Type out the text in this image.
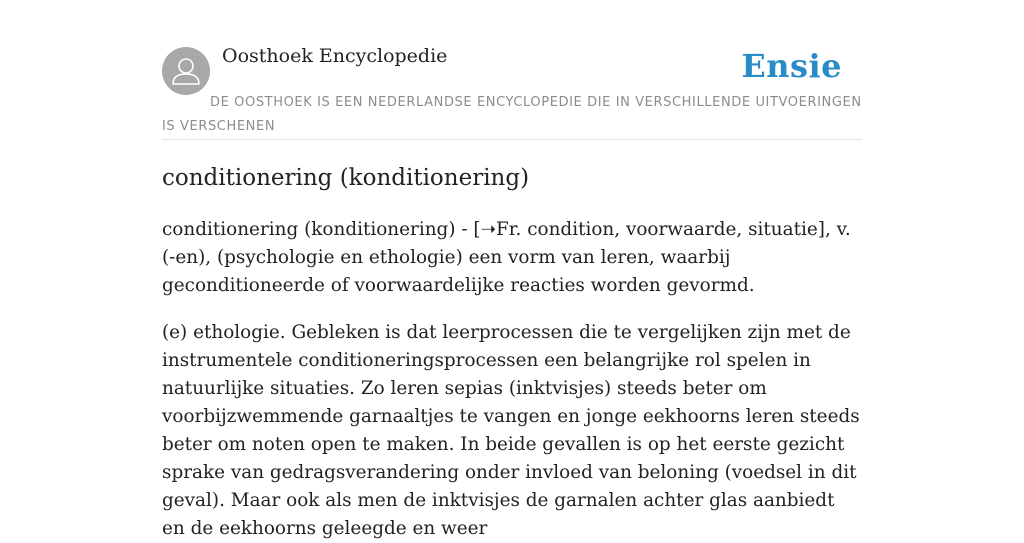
Oosthoek Encyclopedie	Ensie
DE OOSTHOEK IS EEN NEDERLANDSE ENCYCLOPEDIE DIE IN VERSCHILLENDE UITVOERINGEN IS VERSCHENEN
conditionering (konditionering)

conditionering (konditionering) - [➝Fr. condition, voorwaarde, situatie], v. (-en), (psychologie en ethologie) een vorm van leren, waarbij geconditioneerde of voorwaardelijke reacties worden gevormd.

(e) ethologie. Gebleken is dat leerprocessen die te vergelijken zijn met de instrumentele conditioneringsprocessen een belangrijke rol spelen in natuurlijke situaties. Zo leren sepias (inktvisjes) steeds beter om voorbijzwemmende garnaaltjes te vangen en jonge eekhoorns leren steeds beter om noten open te maken. In beide gevallen is op het eerste gezicht sprake van gedragsverandering onder invloed van beloning (voedsel in dit geval). Maar ook als men de inktvisjes de garnalen achter glas aanbiedt en de eekhoorns geleegde en weer
